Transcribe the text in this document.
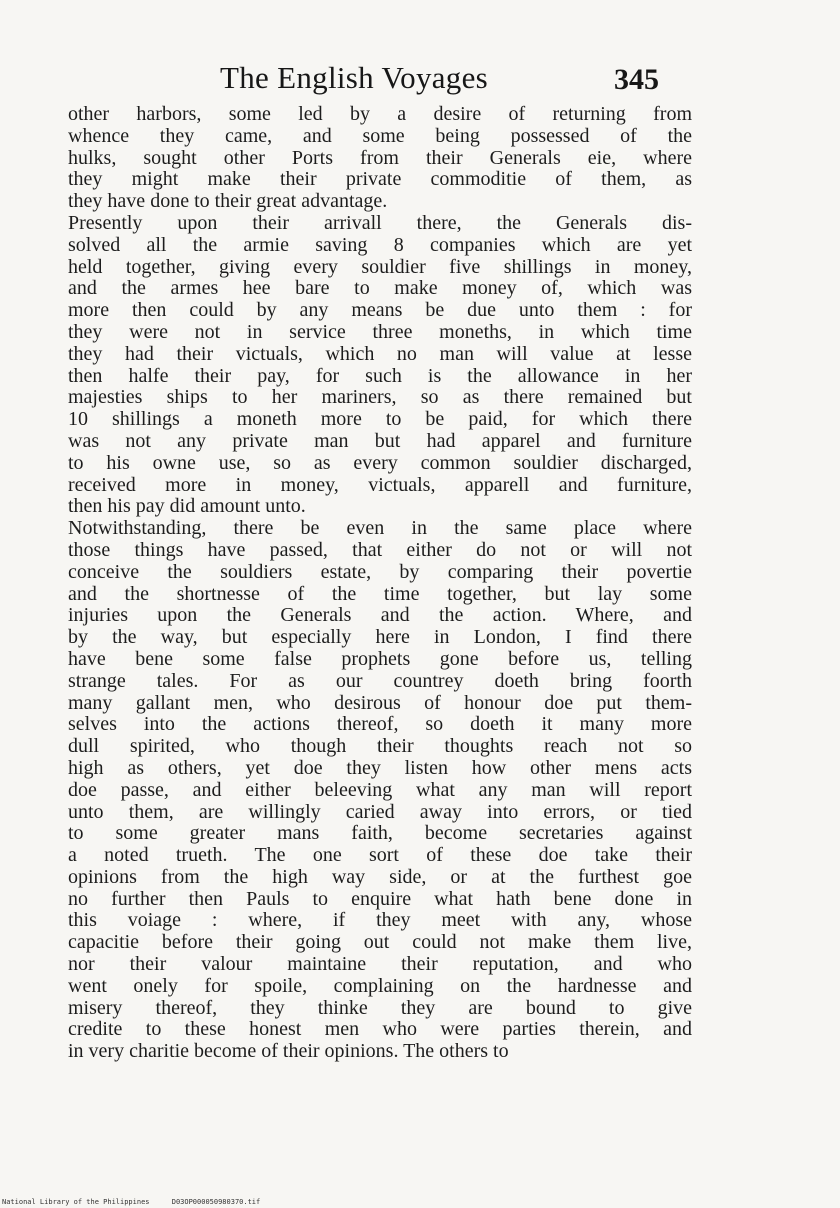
The English Voyages	345
other harbors, some led by a desire of returning from
whence they came, and some being possessed of the
hulks, sought other Ports from their Generals eie, where
they might make their private commoditie of them, as
they have done to their great advantage.
Presently upon their arrivall there, the Generals dis-
solved all the armie saving 8 companies which are yet
held together, giving every souldier five shillings in money,
and the armes hee bare to make money of, which was
more then could by any means be due unto them : for
they were not in service three moneths, in which time
they had their victuals, which no man will value at lesse
then halfe their pay, for such is the allowance in her
majesties ships to her mariners, so as there remained but
10 shillings a moneth more to be paid, for which there
was not any private man but had apparel and furniture
to his owne use, so as every common souldier discharged,
received more in money, victuals, apparell and furniture,
then his pay did amount unto.
Notwithstanding, there be even in the same place where
those things have passed, that either do not or will not
conceive the souldiers estate, by comparing their povertie
and the shortnesse of the time together, but lay some
injuries upon the Generals and the action. Where, and
by the way, but especially here in London, I find there
have bene some false prophets gone before us, telling
strange tales. For as our countrey doeth bring foorth
many gallant men, who desirous of honour doe put them-
selves into the actions thereof, so doeth it many more
dull spirited, who though their thoughts reach not so
high as others, yet doe they listen how other mens acts
doe passe, and either beleeving what any man will report
unto them, are willingly caried away into errors, or tied
to some greater mans faith, become secretaries against
a noted trueth. The one sort of these doe take their
opinions from the high way side, or at the furthest goe
no further then Pauls to enquire what hath bene done in
this voiage : where, if they meet with any, whose
capacitie before their going out could not make them live,
nor their valour maintaine their reputation, and who
went onely for spoile, complaining on the hardnesse and
misery thereof, they thinke they are bound to give
credite to these honest men who were parties therein, and
in very charitie become of their opinions. The others to
National Library of the Philippines	D03OP000050980370.tif
